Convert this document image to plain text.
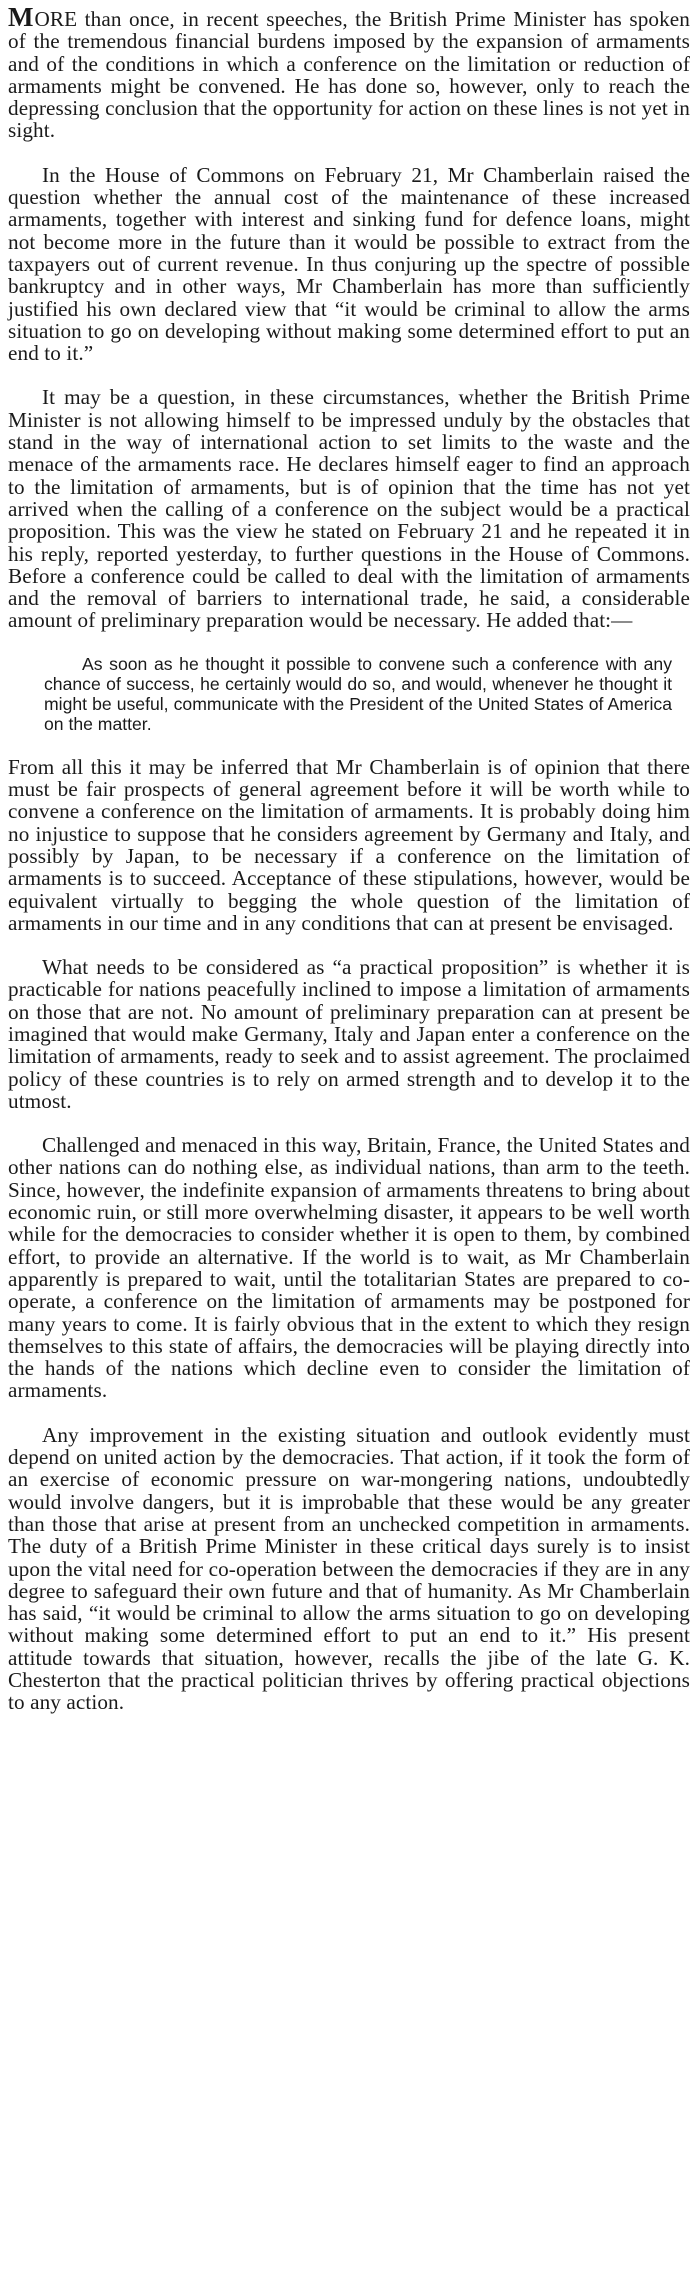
MORE than once, in recent speeches, the British Prime Minister has spoken of the tremendous financial burdens imposed by the expansion of armaments and of the conditions in which a conference on the limitation or reduction of armaments might be convened. He has done so, however, only to reach the depressing conclusion that the opportunity for action on these lines is not yet in sight.

In the House of Commons on February 21, Mr Chamberlain raised the question whether the annual cost of the maintenance of these increased armaments, together with interest and sinking fund for defence loans, might not become more in the future than it would be possible to extract from the taxpayers out of current revenue. In thus conjuring up the spectre of possible bankruptcy and in other ways, Mr Chamberlain has more than sufficiently justified his own declared view that “it would be criminal to allow the arms situation to go on developing without making some determined effort to put an end to it.”

It may be a question, in these circumstances, whether the British Prime Minister is not allowing himself to be impressed unduly by the obstacles that stand in the way of international action to set limits to the waste and the menace of the armaments race. He declares himself eager to find an approach to the limitation of armaments, but is of opinion that the time has not yet arrived when the calling of a conference on the subject would be a practical proposition. This was the view he stated on February 21 and he repeated it in his reply, reported yesterday, to further questions in the House of Commons. Before a conference could be called to deal with the limitation of armaments and the removal of barriers to international trade, he said, a considerable amount of preliminary preparation would be necessary. He added that:—

As soon as he thought it possible to convene such a conference with any chance of success, he certainly would do so, and would, whenever he thought it might be useful, communicate with the President of the United States of America on the matter.

From all this it may be inferred that Mr Chamberlain is of opinion that there must be fair prospects of general agreement before it will be worth while to convene a conference on the limitation of armaments. It is probably doing him no injustice to suppose that he considers agreement by Germany and Italy, and possibly by Japan, to be necessary if a conference on the limitation of armaments is to succeed. Acceptance of these stipulations, however, would be equivalent virtually to begging the whole question of the limitation of armaments in our time and in any conditions that can at present be envisaged.

What needs to be considered as “a practical proposition” is whether it is practicable for nations peacefully inclined to impose a limitation of armaments on those that are not. No amount of preliminary preparation can at present be imagined that would make Germany, Italy and Japan enter a conference on the limitation of armaments, ready to seek and to assist agreement. The proclaimed policy of these countries is to rely on armed strength and to develop it to the utmost.

Challenged and menaced in this way, Britain, France, the United States and other nations can do nothing else, as individual nations, than arm to the teeth. Since, however, the indefinite expansion of armaments threatens to bring about economic ruin, or still more overwhelming disaster, it appears to be well worth while for the democracies to consider whether it is open to them, by combined effort, to provide an alternative. If the world is to wait, as Mr Chamberlain apparently is prepared to wait, until the totalitarian States are prepared to co-operate, a conference on the limitation of armaments may be postponed for many years to come. It is fairly obvious that in the extent to which they resign themselves to this state of affairs, the democracies will be playing directly into the hands of the nations which decline even to consider the limitation of armaments.

Any improvement in the existing situation and outlook evidently must depend on united action by the democracies. That action, if it took the form of an exercise of economic pressure on war-mongering nations, undoubtedly would involve dangers, but it is improbable that these would be any greater than those that arise at present from an unchecked competition in armaments. The duty of a British Prime Minister in these critical days surely is to insist upon the vital need for co-operation between the democracies if they are in any degree to safeguard their own future and that of humanity. As Mr Chamberlain has said, “it would be criminal to allow the arms situation to go on developing without making some determined effort to put an end to it.” His present attitude towards that situation, however, recalls the jibe of the late G. K. Chesterton that the practical politician thrives by offering practical objections to any action.
